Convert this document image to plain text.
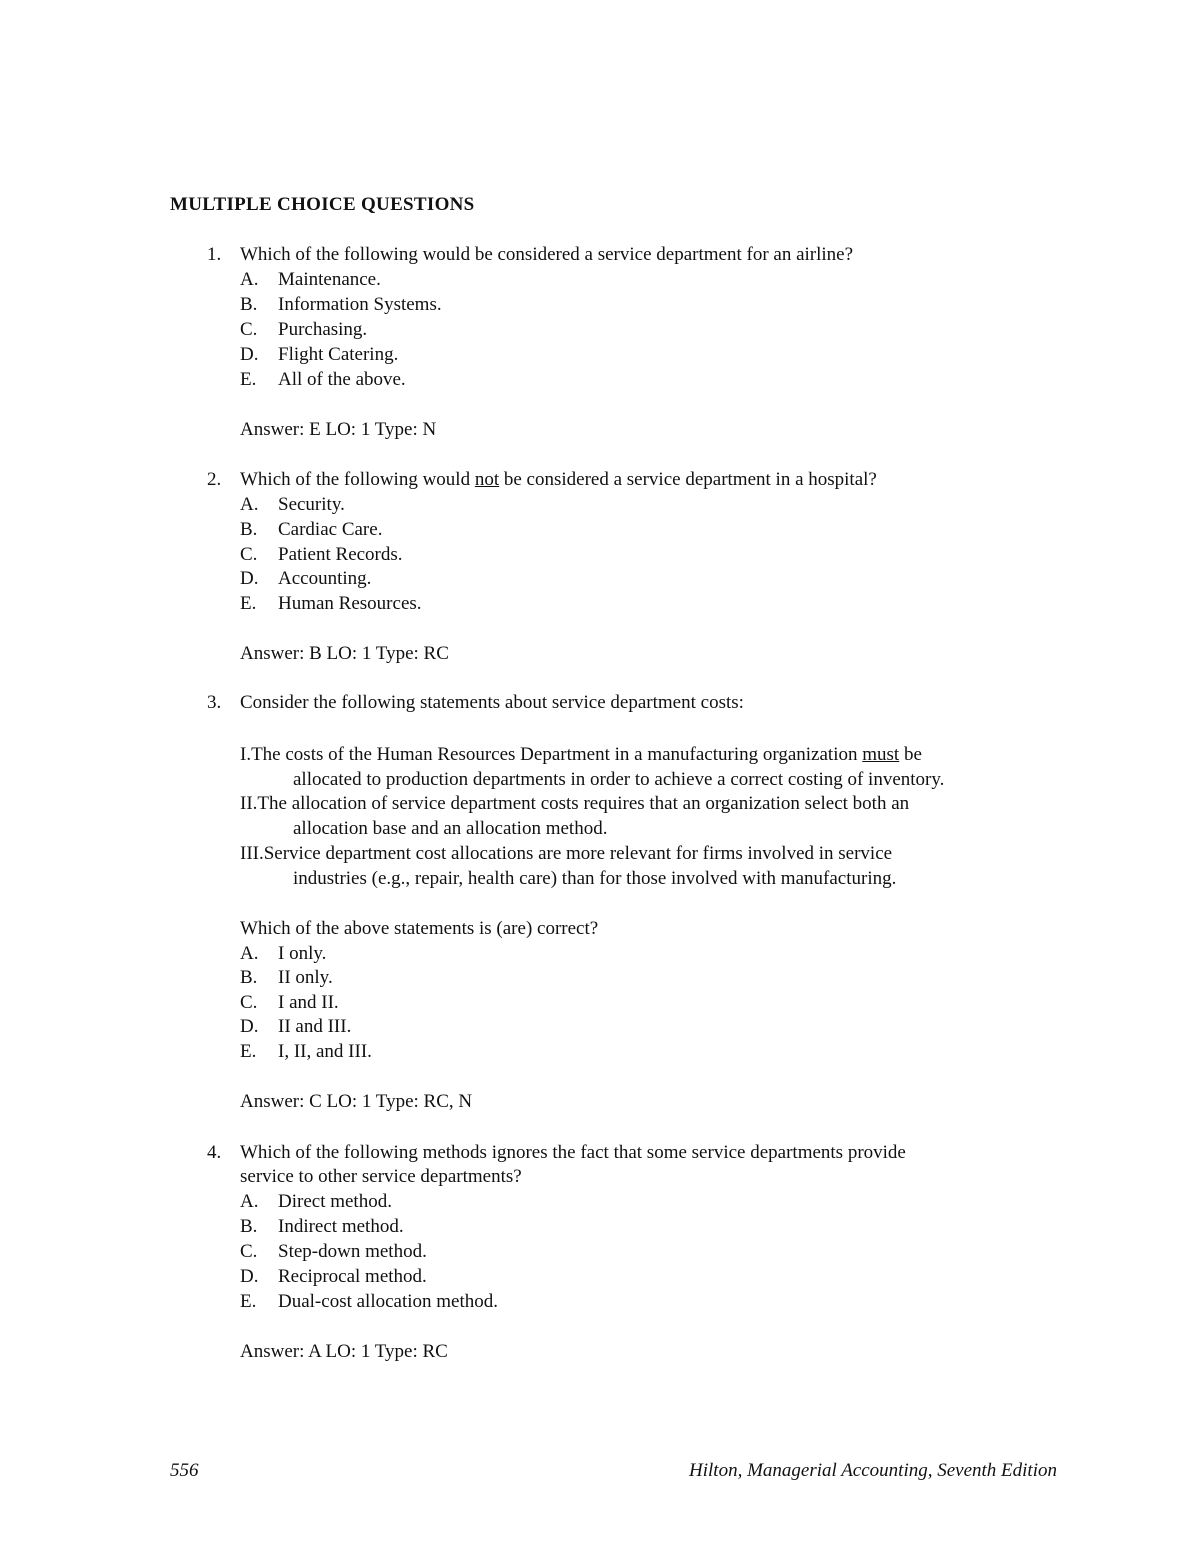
MULTIPLE CHOICE QUESTIONS
1. Which of the following would be considered a service department for an airline?
A. Maintenance.
B. Information Systems.
C. Purchasing.
D. Flight Catering.
E. All of the above.
Answer: E LO: 1 Type: N
2. Which of the following would not be considered a service department in a hospital?
A. Security.
B. Cardiac Care.
C. Patient Records.
D. Accounting.
E. Human Resources.
Answer: B LO: 1 Type: RC
3. Consider the following statements about service department costs:
I.The costs of the Human Resources Department in a manufacturing organization must be
allocated to production departments in order to achieve a correct costing of inventory.
II.The allocation of service department costs requires that an organization select both an
allocation base and an allocation method.
III.Service department cost allocations are more relevant for firms involved in service
industries (e.g., repair, health care) than for those involved with manufacturing.
Which of the above statements is (are) correct?
A. I only.
B. II only.
C. I and II.
D. II and III.
E. I, II, and III.
Answer: C LO: 1 Type: RC, N
4. Which of the following methods ignores the fact that some service departments provide
service to other service departments?
A. Direct method.
B. Indirect method.
C. Step-down method.
D. Reciprocal method.
E. Dual-cost allocation method.
Answer: A LO: 1 Type: RC
556	Hilton, Managerial Accounting, Seventh Edition
